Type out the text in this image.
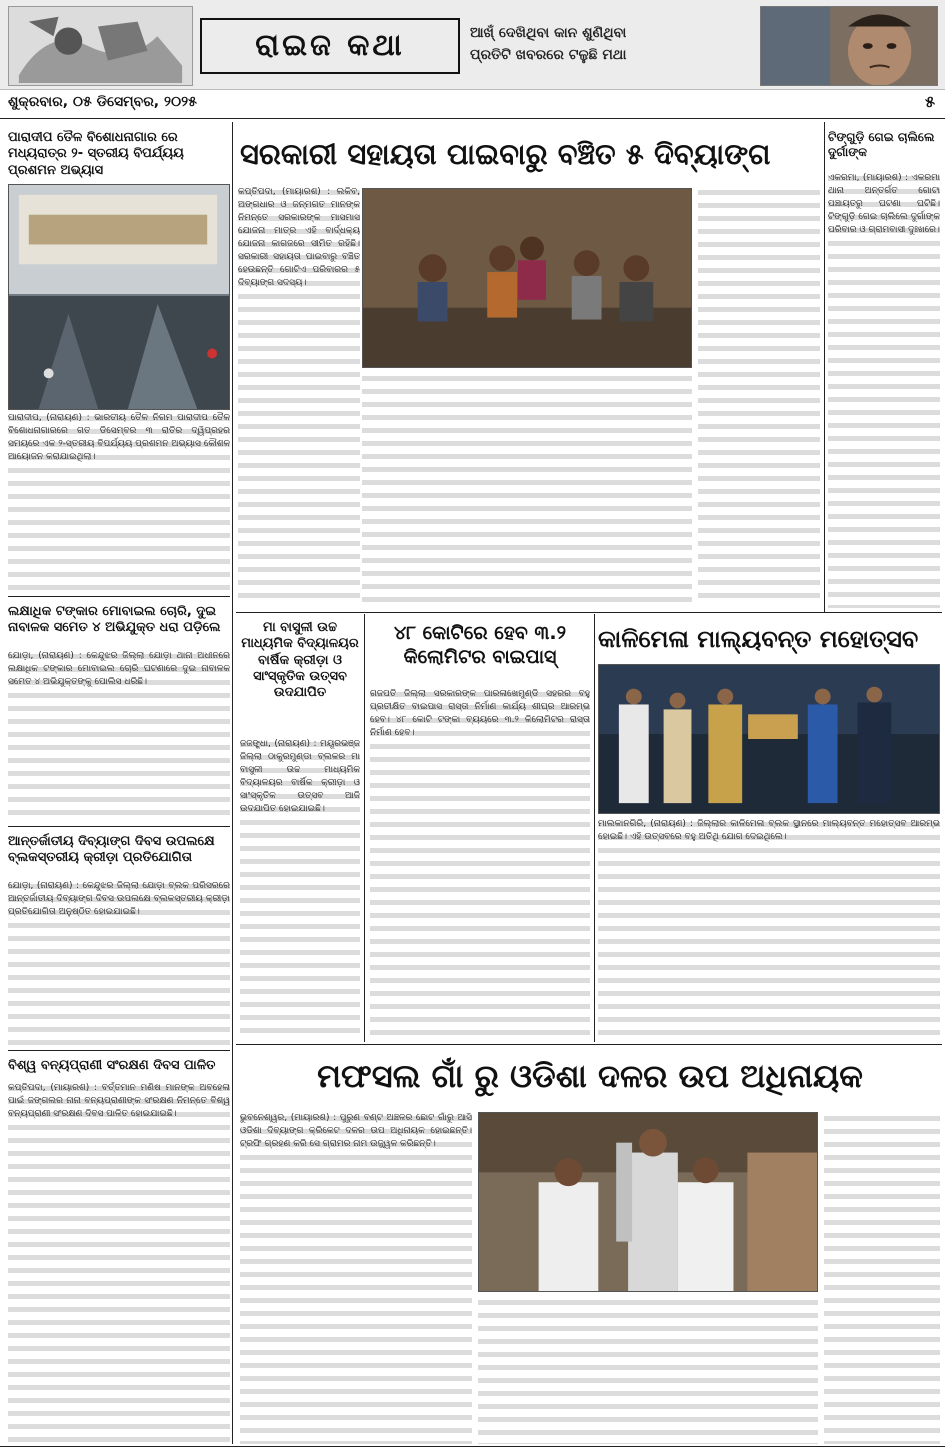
ରାଇଜ କଥା	ଆଖ୍ଁ ଦେଖିଥିବା କାନ ଶୁଣିଥିବା
ପ୍ରତିଟି ଖବରରେ ଟଳୁଛି ମଥା
ଶୁକ୍ରବାର, ୦୫ ଡିସେମ୍ବର, ୨୦୨୫	୫
ପାରାଦୀପ ତୈଳ ବିଶୋଧନାଗାର ରେ ମଧ୍ୟରାତ୍ର ୨- ସ୍ତରୀୟ ବିପର୍ଯ୍ୟୟ ପ୍ରଶମନ ଅଭ୍ୟାସ
ପାରାଦୀପ, (ନାରାୟଣ) : ଭାରତୀୟ ତୈଳ ନିଗମ ପାରାଦୀପ ତୈଳ ବିଶୋଧନାଗାରରେ ଗତ ଡିସେମ୍ବର ୩ ରାତିର ଦ୍ୱିପ୍ରହର ସମୟରେ ଏକ ୨-ସ୍ତରୀୟ ବିପର୍ଯ୍ୟୟ ପ୍ରଶମନ ଅଭ୍ୟାସ କୌଶଳ ଆୟୋଜନ କରାଯାଇଥିଲା।
ଲକ୍ଷାଧିକ ଟଙ୍କାର ମୋବାଇଲ ଚୋରି, ଦୁଇ ନାବାଳକ ସମେତ ୪ ଅଭିଯୁକ୍ତ ଧରା ପଡ଼ିଲେ
ଯୋଡ଼ା, (ନାରାୟଣ) : କେନ୍ଦୁଝର ଜିଲ୍ଲା ଯୋଡ଼ା ଥାନା ଅଧୀନରେ ଲକ୍ଷାଧିକ ଟଙ୍କାର ମୋବାଇଲ ଚୋରି ଘଟଣାରେ ଦୁଇ ନାବାଳକ ସମେତ ୪ ଅଭିଯୁକ୍ତଙ୍କୁ ପୋଲିସ ଧରିଛି।
ଆନ୍ତର୍ଜାତୀୟ ଦିବ୍ୟାଙ୍ଗ ଦିବସ ଉପଲକ୍ଷେ ବ୍ଲକସ୍ତରୀୟ କ୍ରୀଡ଼ା ପ୍ରତିଯୋଗିତା
ଯୋଡ଼ା, (ନାରାୟଣ) : କେନ୍ଦୁଝର ଜିଲ୍ଲା ଯୋଡ଼ା ବ୍ଲକ ପରିସରରେ ଆନ୍ତର୍ଜାତୀୟ ଦିବ୍ୟାଙ୍ଗ ଦିବସ ଉପଲକ୍ଷେ ବ୍ଲକସ୍ତରୀୟ କ୍ରୀଡ଼ା ପ୍ରତିଯୋଗିତା ଅନୁଷ୍ଠିତ ହୋଇଯାଇଛି।
ବିଶ୍ୱ ବନ୍ୟପ୍ରାଣୀ ସଂରକ୍ଷଣ ଦିବସ ପାଳିତ
କପ୍ତିପଦା, (ମାୟାରଶ) : ବର୍ତ୍ତମାନ ମଣିଷ ମାନଙ୍କ ଅବହେଳା ପାଇଁ ଜଙ୍ଗଲର ନାନା ବନ୍ୟପ୍ରାଣୀଙ୍କ ସଂରକ୍ଷଣ ନିମନ୍ତେ ବିଶ୍ୱ ବନ୍ୟପ୍ରାଣୀ ସଂରକ୍ଷଣ ଦିବସ ପାଳିତ ହୋଇଯାଇଛି।
ସରକାରୀ ସହାୟତା ପାଇବାରୁ ବଞ୍ଚିତ ୫ ଦିବ୍ୟାଙ୍ଗ
କପ୍ତିପଦା, (ମାୟାରଶ) : ଲକିବ, ଅଙ୍ଗଧାର ଓ ଜନ୍ମଗତ ମାନଙ୍କ ନିମନ୍ତେ ସରକାରଙ୍କ ମାସମାସ ଯୋଜନା ମାତ୍ର ଏହି ବାର୍ଦ୍ଧକ୍ୟ ଯୋଜନା କାଗଜରେ ସୀମିତ ରହିଛି। ସରକାରୀ ସହାୟତା ପାଇବାରୁ ବଞ୍ଚିତ ହେଉଛନ୍ତି ଗୋଟିଏ ପରିବାରର ୫ ଦିବ୍ୟାଙ୍ଗ ସଦସ୍ୟ।
ଟିଙ୍ଗୁଡ଼ି ଗେଇ ଚାଲିଲେ ଦୁର୍ଗାଙ୍କ
ଏକରମା, (ମାୟାରଶ) : ଏକରମା ଥାନା ଅନ୍ତର୍ଗତ ଗୋଟା ପଞ୍ଚାୟତରୁ ଘଟଣା ଘଟିଛି। ଟିଙ୍ଗୁଡ଼ି ଗେଇ ଚାଲିଲେ ଦୁର୍ଗାଙ୍କ ପରିବାର ଓ ଗ୍ରାମବାସୀ ଦୁଃଖରେ।
ମା ବାସୁଳୀ ଉଚ୍ଚ ମାଧ୍ୟମିକ ବିଦ୍ୟାଳୟର ବାର୍ଷିକ କ୍ରୀଡ଼ା ଓ ସାଂସ୍କୃତିକ ଉତ୍ସବ ଉଦଯାପିତ
ଜଜଙ୍ଗ୍ଧା, (ନାରାୟଣ) : ମୟୂରଭଞ୍ଜ ଜିଲ୍ଲା ଠାକୁରମୁଣ୍ଡା ବ୍ଲକର ମା ବାସୁଳୀ ଉଚ୍ଚ ମାଧ୍ୟମିକ ବିଦ୍ୟାଳୟର ବାର୍ଷିକ କ୍ରୀଡ଼ା ଓ ସାଂସ୍କୃତିକ ଉତ୍ସବ ଆଜି ଉଦଯାପିତ ହୋଇଯାଇଛି।
୪୮ କୋଟିରେ ହେବ ୩.୨ କିଲୋମିଟର ବାଇପାସ୍
ଗଜପତି ଜିଲ୍ଲା ସରକାରଙ୍କ ପାରଳାଖେମୁଣ୍ଡି ସହରର ବହୁ ପ୍ରତୀକ୍ଷିତ ବାଇପାସ ରାସ୍ତା ନିର୍ମାଣ କାର୍ଯ୍ୟ ଶୀଘ୍ର ଆରମ୍ଭ ହେବ। ୪୮ କୋଟି ଟଙ୍କା ବ୍ୟୟରେ ୩.୨ କିଲୋମିଟର ରାସ୍ତା ନିର୍ମାଣ ହେବ।
କାଳିମେଳା ମାଲ୍ୟବନ୍ତ ମହୋତ୍ସବ
ମାଲକାନଗିରି, (ନାରାୟଣ) : ଜିଲ୍ଲାର କାଳିମେଳା ବ୍ଲକ ସ୍ଥାନରେ ମାଲ୍ୟବନ୍ତ ମହୋତ୍ସବ ଆରମ୍ଭ ହୋଇଛି। ଏହି ଉତ୍ସବରେ ବହୁ ଅତିଥି ଯୋଗ ଦେଇଥିଲେ।
ମଫସଲ ଗାଁ ରୁ ଓଡିଶା ଦଳର ଉପ ଅଧିନାୟକ
ଭୁବନେଶ୍ୱର, (ମାୟାରଶ) : ପୁରୁଣ ବଣ୍ଟ ଅଞ୍ଚଳର ଛୋଟ ଗାଁରୁ ଆସି ଓଡିଶା ଦିବ୍ୟାଙ୍ଗ କ୍ରିକେଟ ଦଳର ଉପ ଅଧିନାୟକ ହୋଇଛନ୍ତି। ଟ୍ରଫି ଗ୍ରହଣ କରି ସେ ଗ୍ରାମର ନାମ ଉଜ୍ଜ୍ୱଳ କରିଛନ୍ତି।
